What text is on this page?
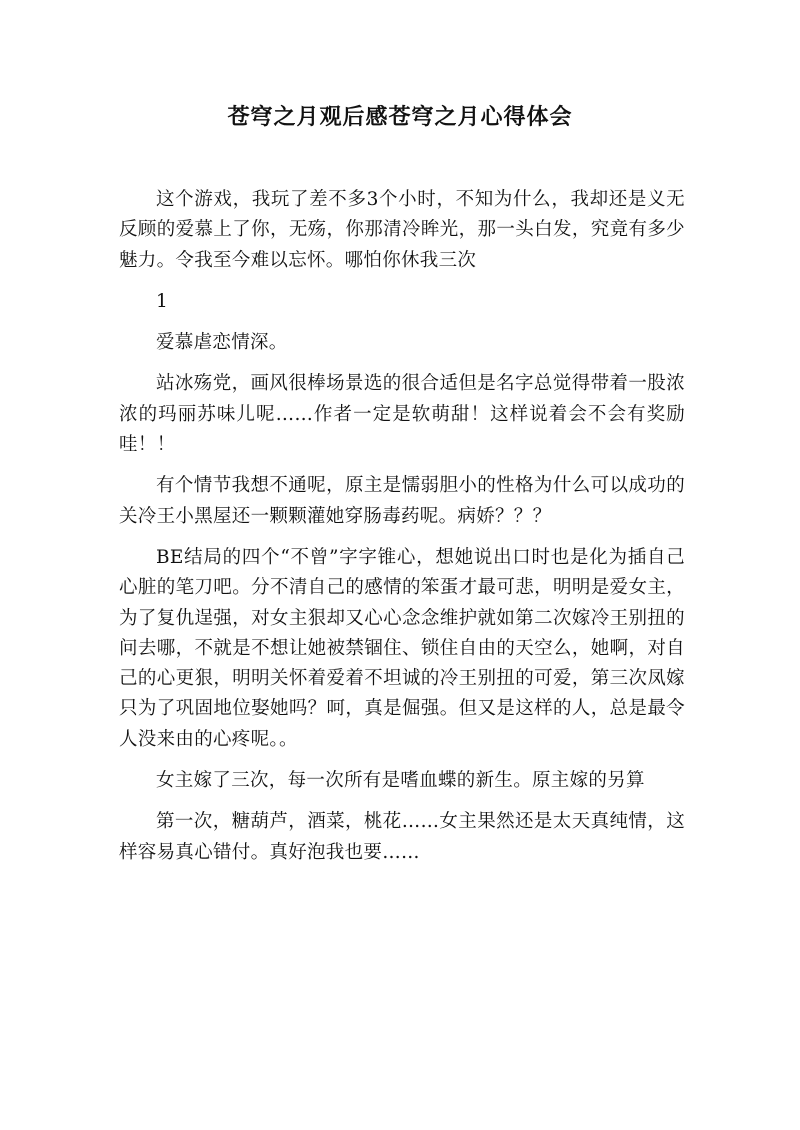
苍穹之月观后感苍穹之月心得体会

这个游戏，我玩了差不多3个小时，不知为什么，我却还是义无反顾的爱慕上了你，无殇，你那清冷眸光，那一头白发，究竟有多少魅力。令我至今难以忘怀。哪怕你休我三次

1

爱慕虐恋情深。

站冰殇党，画风很棒场景选的很合适但是名字总觉得带着一股浓浓的玛丽苏味儿呢……作者一定是软萌甜！这样说着会不会有奖励哇！！

有个情节我想不通呢，原主是懦弱胆小的性格为什么可以成功的关冷王小黑屋还一颗颗灌她穿肠毒药呢。病娇？？？

BE结局的四个“不曾”字字锥心，想她说出口时也是化为插自己心脏的笔刀吧。分不清自己的感情的笨蛋才最可悲，明明是爱女主，为了复仇逞强，对女主狠却又心心念念维护就如第二次嫁冷王别扭的问去哪，不就是不想让她被禁锢住、锁住自由的天空么，她啊，对自己的心更狠，明明关怀着爱着不坦诚的冷王别扭的可爱，第三次凤嫁只为了巩固地位娶她吗？呵，真是倔强。但又是这样的人，总是最令人没来由的心疼呢。。

女主嫁了三次，每一次所有是嗜血蝶的新生。原主嫁的另算

第一次，糖葫芦，酒菜，桃花……女主果然还是太天真纯情，这样容易真心错付。真好泡我也要……
